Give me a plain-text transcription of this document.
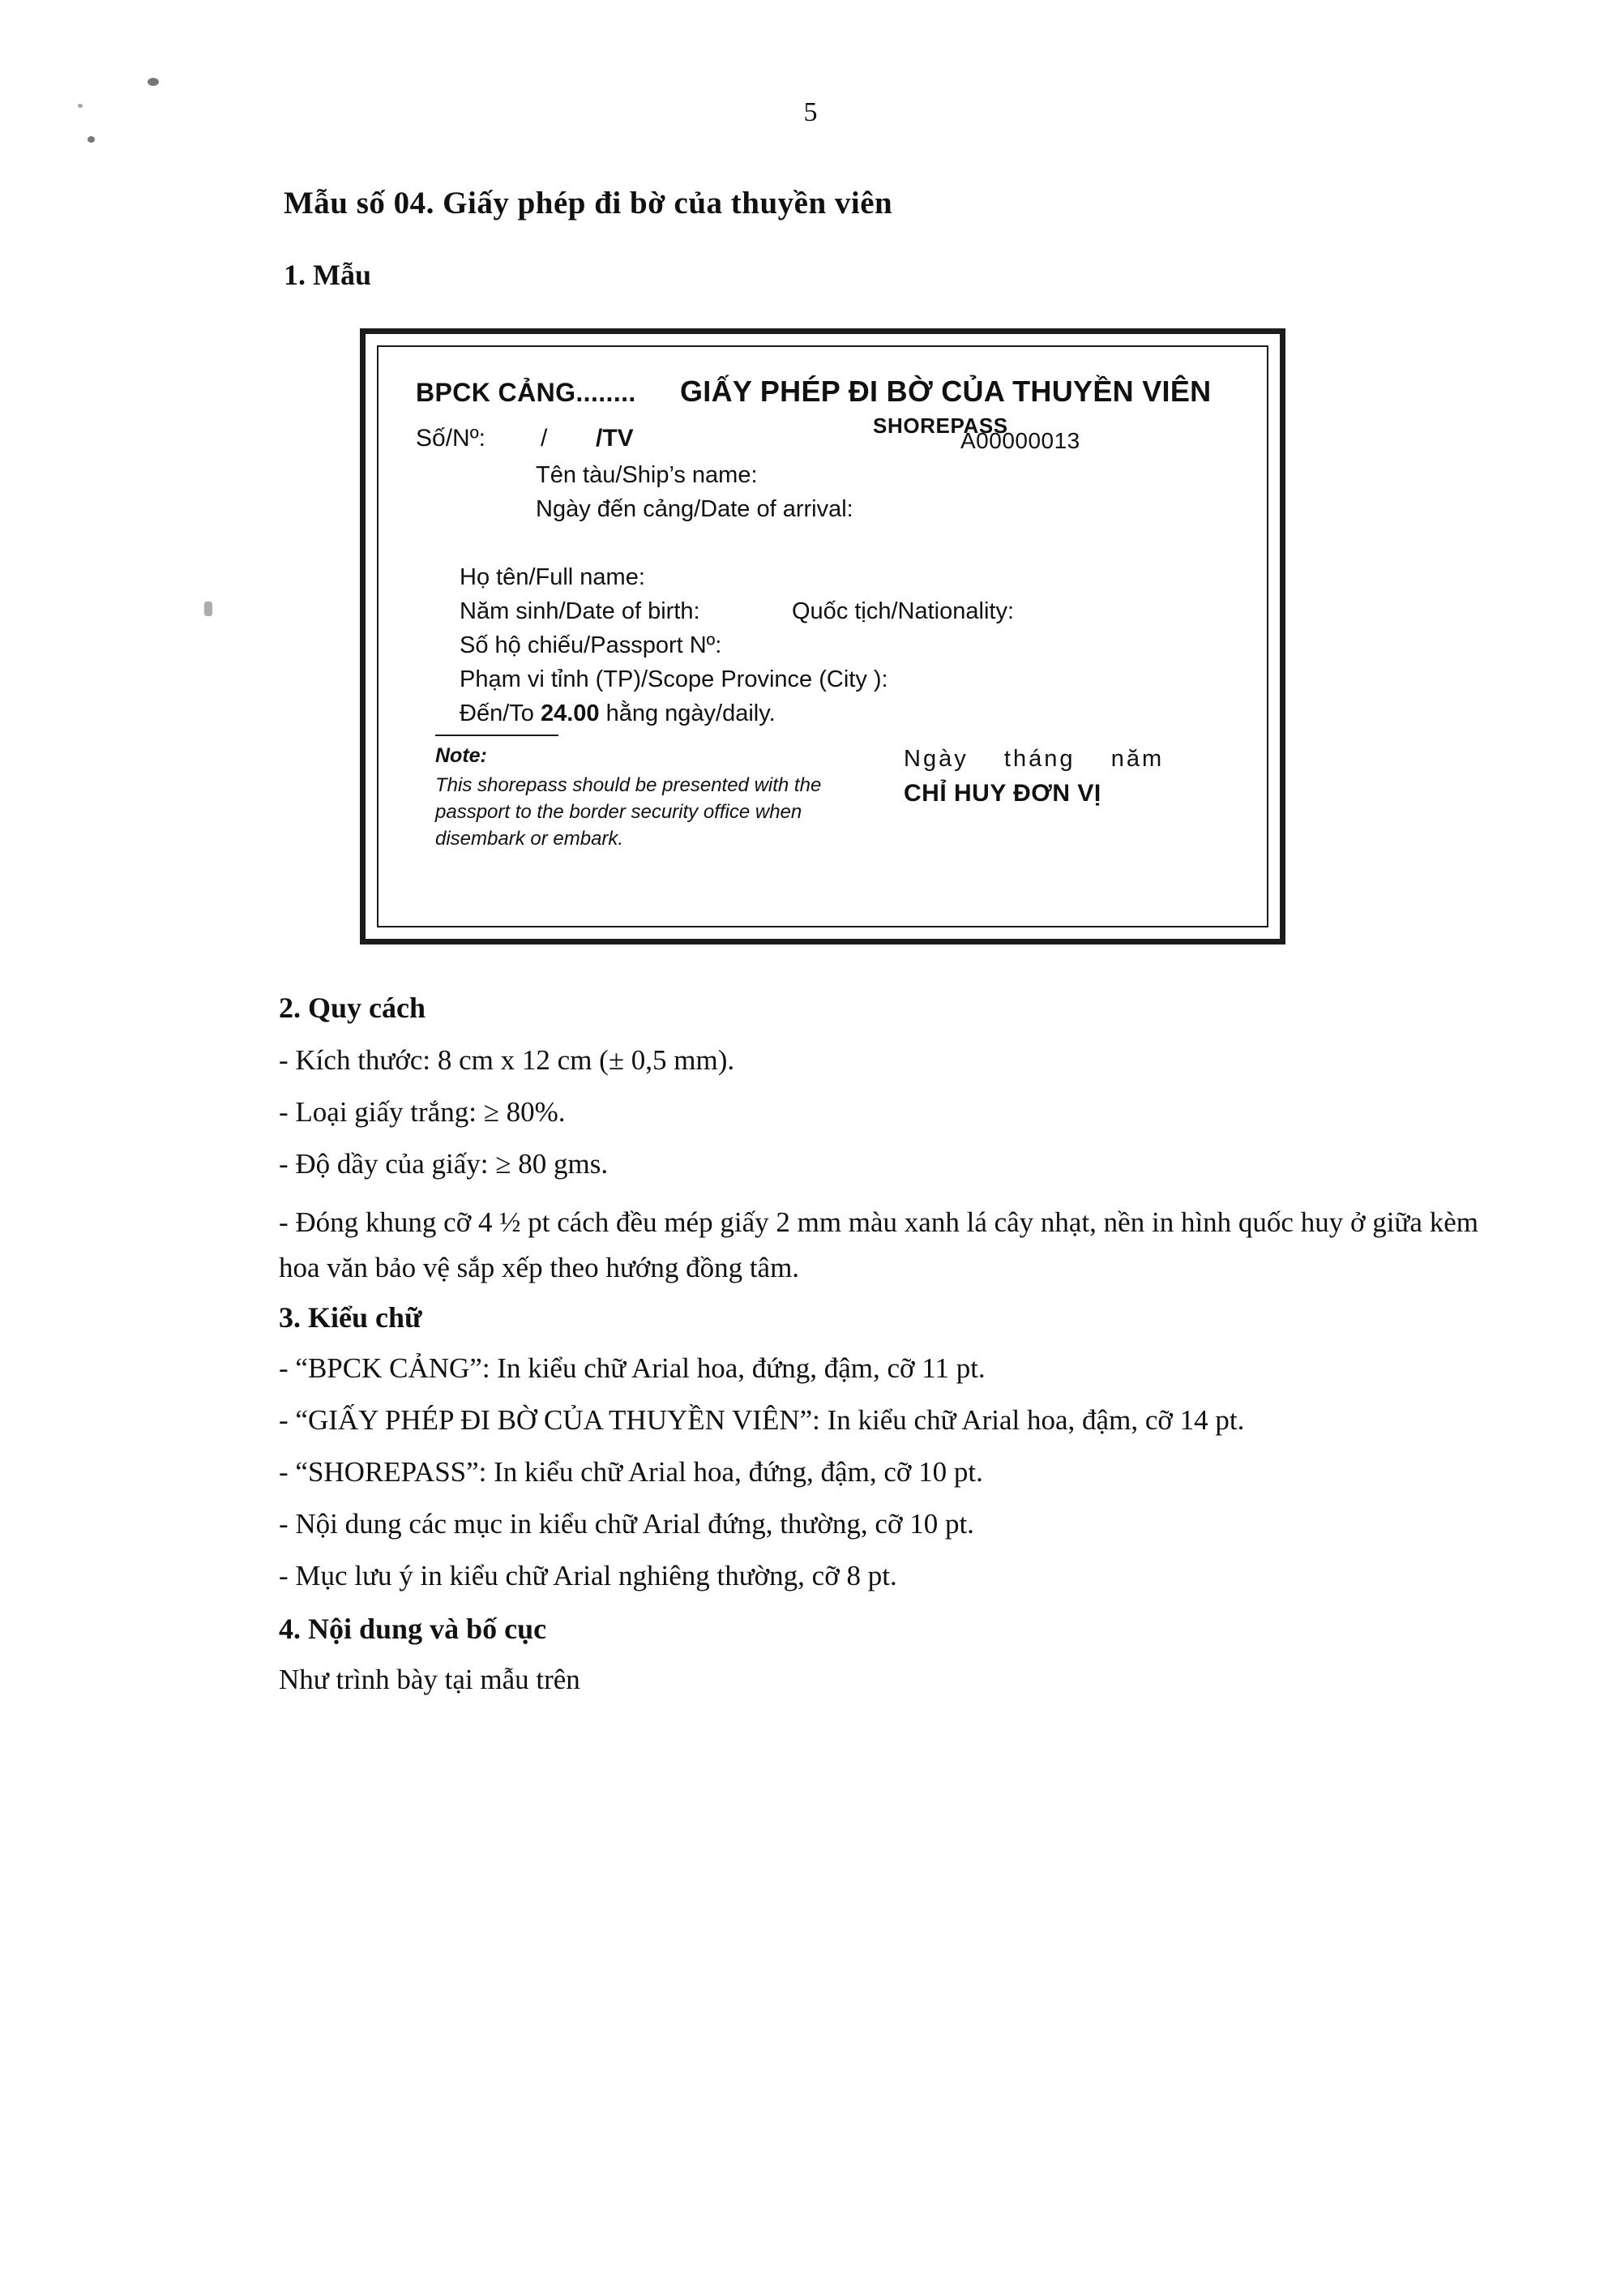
5
Mẫu số 04. Giấy phép đi bờ của thuyền viên
1. Mẫu
BPCK CẢNG........ GIẤY PHÉP ĐI BỜ CỦA THUYỀN VIÊN
SHOREPASS
Số/Nº: / /TV	A00000013
Tên tàu/Ship’s name:
Ngày đến cảng/Date of arrival:
Họ tên/Full name:
Năm sinh/Date of birth:	Quốc tịch/Nationality:
Số hộ chiếu/Passport Nº:
Phạm vi tỉnh (TP)/Scope Province (City ):
Đến/To 24.00 hằng ngày/daily.
Note:
This shorepass should be presented with the passport to the border security office when disembark or embark.
Ngày    tháng    năm
CHỈ HUY ĐƠN VỊ
2. Quy cách
- Kích thước: 8 cm x 12 cm (± 0,5 mm).
- Loại giấy trắng: ≥ 80%.
- Độ dầy của giấy: ≥ 80 gms.
- Đóng khung cỡ 4 ½ pt cách đều mép giấy 2 mm màu xanh lá cây nhạt, nền in hình quốc huy ở giữa kèm hoa văn bảo vệ sắp xếp theo hướng đồng tâm.
3. Kiểu chữ
- “BPCK CẢNG”: In kiểu chữ Arial hoa, đứng, đậm, cỡ 11 pt.
- “GIẤY PHÉP ĐI BỜ CỦA THUYỀN VIÊN”: In kiểu chữ Arial hoa, đậm, cỡ 14 pt.
- “SHOREPASS”: In kiểu chữ Arial hoa, đứng, đậm, cỡ 10 pt.
- Nội dung các mục in kiểu chữ Arial đứng, thường, cỡ 10 pt.
- Mục lưu ý in kiểu chữ Arial nghiêng thường, cỡ 8 pt.
4. Nội dung và bố cục
Như trình bày tại mẫu trên
